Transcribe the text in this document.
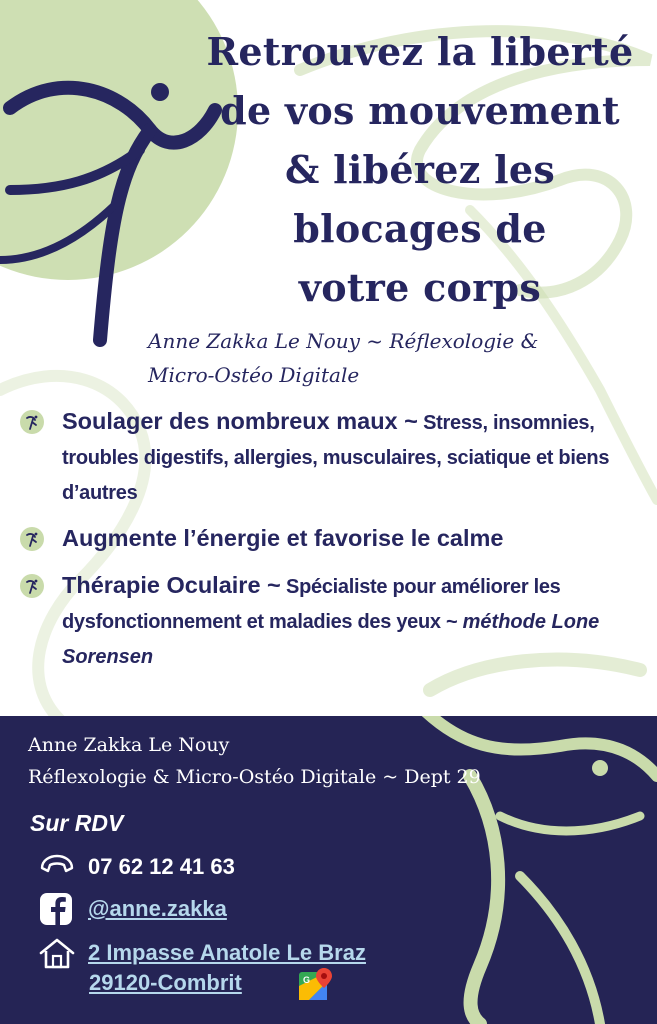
Retrouvez la liberté
de vos mouvement
& libérez les
blocages de
votre corps
Anne Zakka Le Nouy ~ Réflexologie &
Micro-Ostéo Digitale
Soulager des nombreux maux ~ Stress, insomnies, troubles digestifs, allergies, musculaires, sciatique et biens d’autres
Augmente l’énergie et favorise le calme
Thérapie Oculaire ~ Spécialiste pour améliorer les dysfonctionnement et maladies des yeux ~ méthode Lone Sorensen
Anne Zakka Le Nouy
Réflexologie & Micro-Ostéo Digitale ~ Dept 29
Sur RDV
07 62 12 41 63
@anne.zakka
2 Impasse Anatole Le Braz
29120-Combrit	G
